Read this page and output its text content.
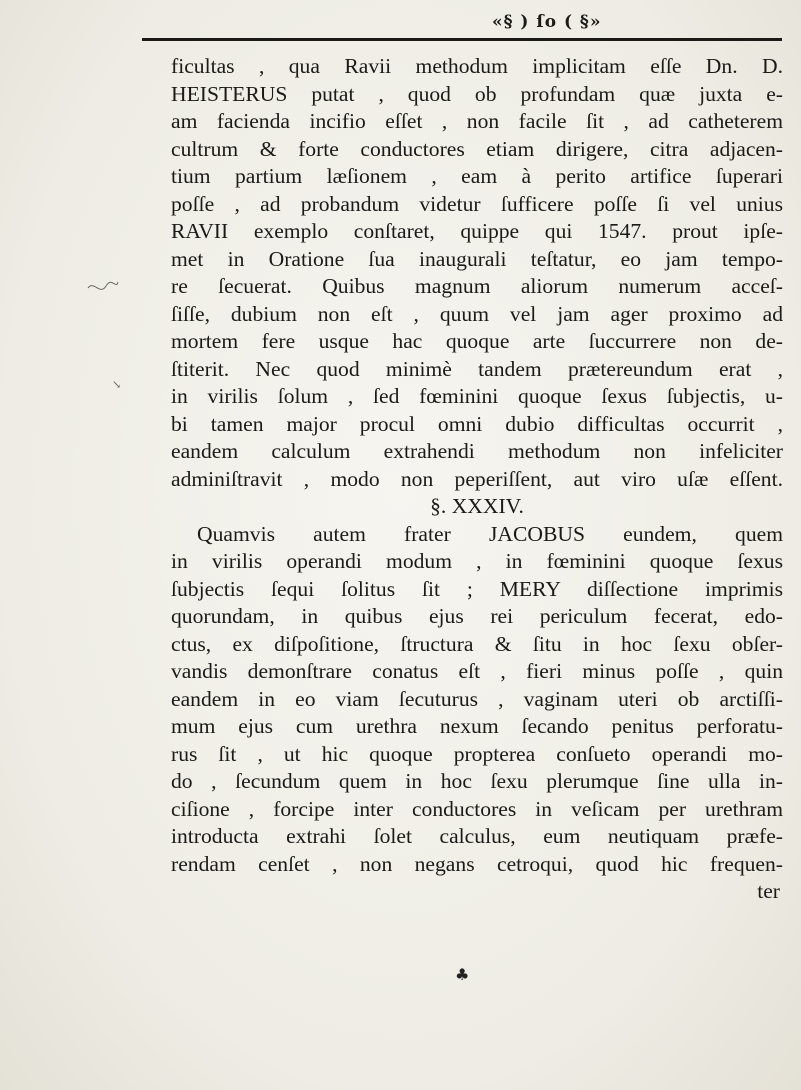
«§ ) ſo ( §»
↘
ficultas , qua Ravii methodum implicitam eſſe Dn. D.
HEISTERUS putat , quod ob profundam quæ juxta e-
am facienda incifio eſſet , non facile ſit , ad catheterem
cultrum & forte conductores etiam dirigere, citra adjacen-
tium partium læſionem , eam à perito artifice ſuperari
poſſe , ad probandum videtur ſufficere poſſe ſi vel unius
RAVII exemplo conſtaret, quippe qui 1547. prout ipſe-
met in Oratione ſua inaugurali teſtatur, eo jam tempo-
re ſecuerat. Quibus magnum aliorum numerum acceſ-
ſiſſe, dubium non eſt , quum vel jam ager proximo ad
mortem fere usque hac quoque arte ſuccurrere non de-
ſtiterit. Nec quod minimè tandem prætereundum erat ,
in virilis ſolum , ſed fœminini quoque ſexus ſubjectis, u-
bi tamen major procul omni dubio difficultas occurrit ,
eandem calculum extrahendi methodum non infeliciter
adminiſtravit , modo non peperiſſent, aut viro uſæ eſſent.
§. XXXIV.
Quamvis autem frater JACOBUS eundem, quem
in virilis operandi modum , in fœminini quoque ſexus
ſubjectis ſequi ſolitus ſit ; MERY diſſectione imprimis
quorundam, in quibus ejus rei periculum fecerat, edo-
ctus, ex diſpoſitione, ſtructura & ſitu in hoc ſexu obſer-
vandis demonſtrare conatus eſt , fieri minus poſſe , quin
eandem in eo viam ſecuturus , vaginam uteri ob arctiſſi-
mum ejus cum urethra nexum ſecando penitus perforatu-
rus ſit , ut hic quoque propterea conſueto operandi mo-
do , ſecundum quem in hoc ſexu plerumque ſine ulla in-
ciſione , forcipe inter conductores in veſicam per urethram
introducta extrahi ſolet calculus, eum neutiquam præfe-
rendam cenſet , non negans cetroqui, quod hic frequen-
ter
♣
